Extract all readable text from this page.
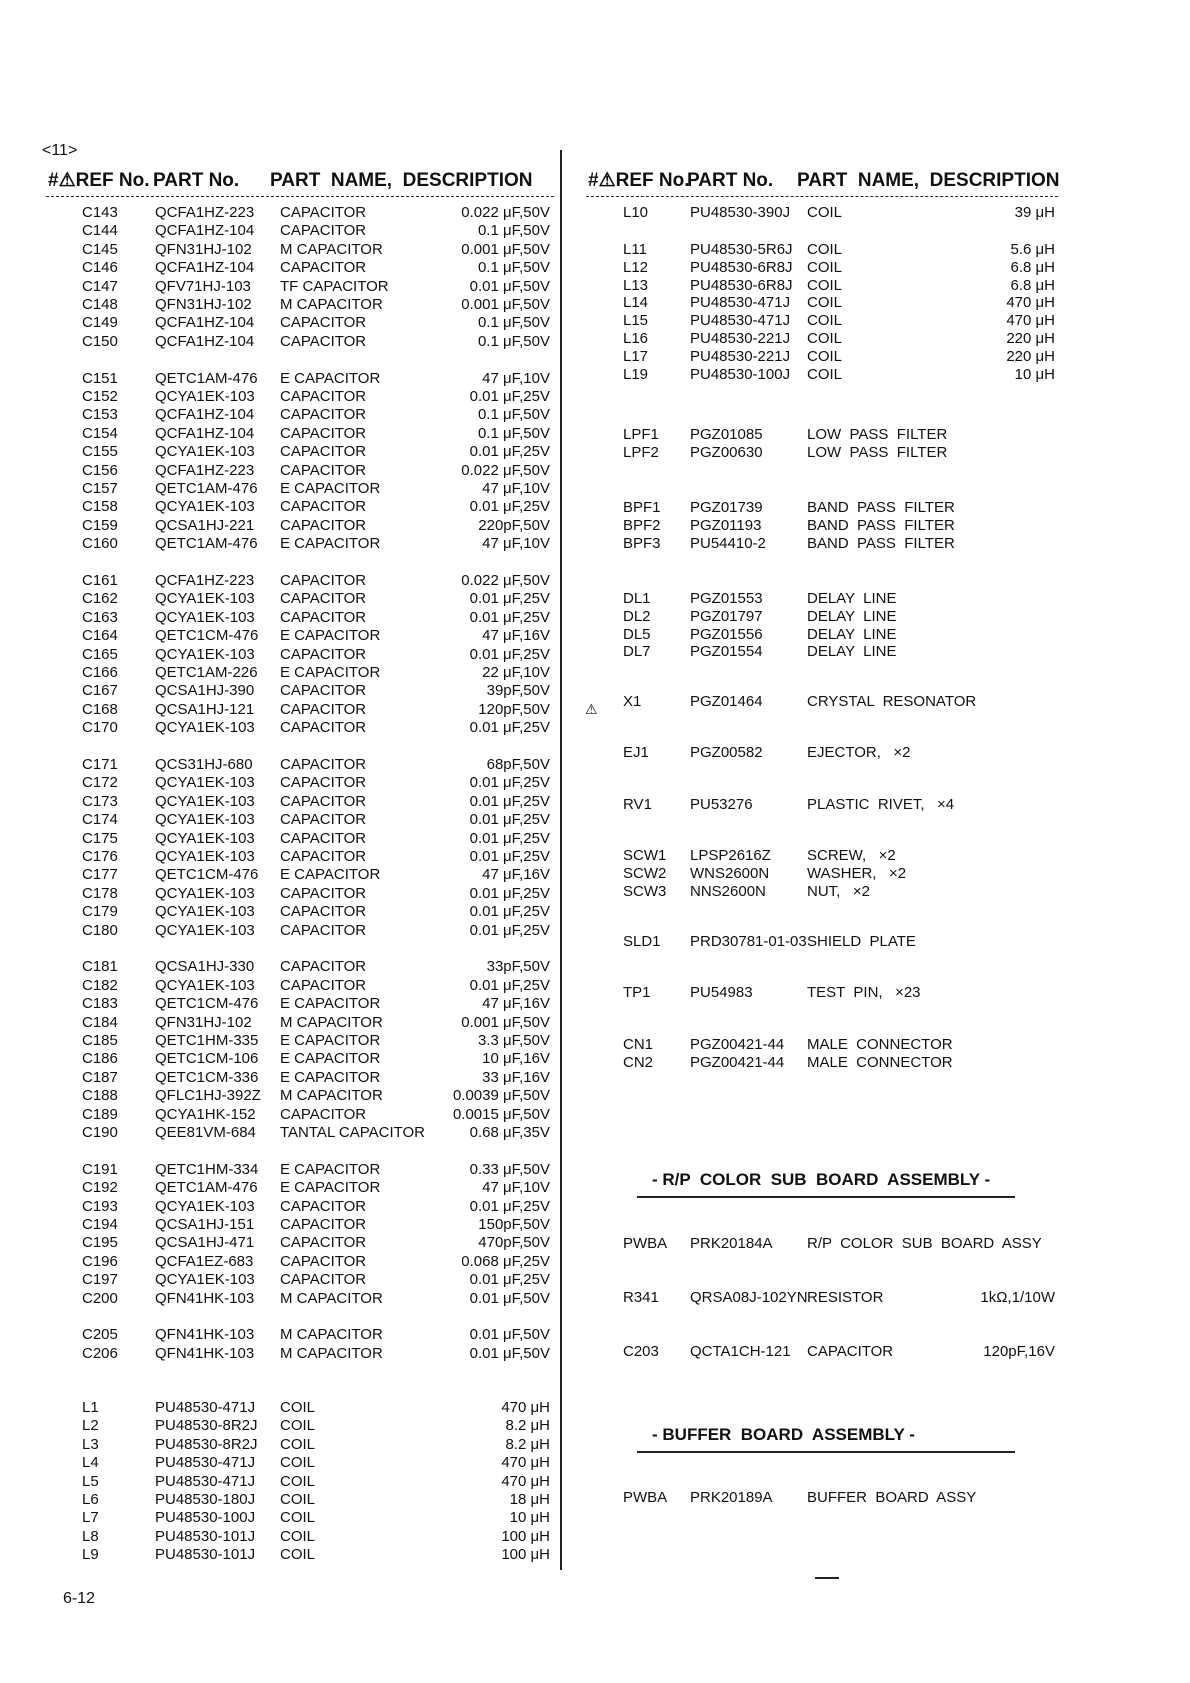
<11>
#⚠REF No. PART No. PART  NAME,  DESCRIPTION	#⚠REF No.
PART No. PART  NAME,  DESCRIPTION
C143 QCFA1HZ-223 CAPACITOR	0.022 μF,50V
C144 QCFA1HZ-104 CAPACITOR	0.1 μF,50V
C145 QFN31HJ-102 M CAPACITOR	0.001 μF,50V
C146 QCFA1HZ-104 CAPACITOR	0.1 μF,50V
C147 QFV71HJ-103 TF CAPACITOR	0.01 μF,50V
C148 QFN31HJ-102 M CAPACITOR	0.001 μF,50V
C149 QCFA1HZ-104 CAPACITOR	0.1 μF,50V
C150 QCFA1HZ-104 CAPACITOR	0.1 μF,50V
C151 QETC1AM-476 E CAPACITOR	47 μF,10V
C152 QCYA1EK-103 CAPACITOR	0.01 μF,25V
C153 QCFA1HZ-104 CAPACITOR	0.1 μF,50V
C154 QCFA1HZ-104 CAPACITOR	0.1 μF,50V
C155 QCYA1EK-103 CAPACITOR	0.01 μF,25V
C156 QCFA1HZ-223 CAPACITOR	0.022 μF,50V
C157 QETC1AM-476 E CAPACITOR	47 μF,10V
C158 QCYA1EK-103 CAPACITOR	0.01 μF,25V
C159 QCSA1HJ-221 CAPACITOR	220pF,50V
C160 QETC1AM-476 E CAPACITOR	47 μF,10V
C161 QCFA1HZ-223 CAPACITOR	0.022 μF,50V
C162 QCYA1EK-103 CAPACITOR	0.01 μF,25V
C163 QCYA1EK-103 CAPACITOR	0.01 μF,25V
C164 QETC1CM-476 E CAPACITOR	47 μF,16V
C165 QCYA1EK-103 CAPACITOR	0.01 μF,25V
C166 QETC1AM-226 E CAPACITOR	22 μF,10V
C167 QCSA1HJ-390 CAPACITOR	39pF,50V
C168 QCSA1HJ-121 CAPACITOR	120pF,50V
C170 QCYA1EK-103 CAPACITOR	0.01 μF,25V
C171 QCS31HJ-680 CAPACITOR	68pF,50V
C172 QCYA1EK-103 CAPACITOR	0.01 μF,25V
C173 QCYA1EK-103 CAPACITOR	0.01 μF,25V
C174 QCYA1EK-103 CAPACITOR	0.01 μF,25V
C175 QCYA1EK-103 CAPACITOR	0.01 μF,25V
C176 QCYA1EK-103 CAPACITOR	0.01 μF,25V
C177 QETC1CM-476 E CAPACITOR	47 μF,16V
C178 QCYA1EK-103 CAPACITOR	0.01 μF,25V
C179 QCYA1EK-103 CAPACITOR	0.01 μF,25V
C180 QCYA1EK-103 CAPACITOR	0.01 μF,25V
C181 QCSA1HJ-330 CAPACITOR	33pF,50V
C182 QCYA1EK-103 CAPACITOR	0.01 μF,25V
C183 QETC1CM-476 E CAPACITOR	47 μF,16V
C184 QFN31HJ-102 M CAPACITOR	0.001 μF,50V
C185 QETC1HM-335 E CAPACITOR	3.3 μF,50V
C186 QETC1CM-106 E CAPACITOR	10 μF,16V
C187 QETC1CM-336 E CAPACITOR	33 μF,16V
C188 QFLC1HJ-392Z M CAPACITOR	0.0039 μF,50V
C189 QCYA1HK-152 CAPACITOR	0.0015 μF,50V
C190 QEE81VM-684 TANTAL CAPACITOR	0.68 μF,35V
C191 QETC1HM-334 E CAPACITOR	0.33 μF,50V
C192 QETC1AM-476 E CAPACITOR	47 μF,10V
C193 QCYA1EK-103 CAPACITOR	0.01 μF,25V
C194 QCSA1HJ-151 CAPACITOR	150pF,50V
C195 QCSA1HJ-471 CAPACITOR	470pF,50V
C196 QCFA1EZ-683 CAPACITOR	0.068 μF,25V
C197 QCYA1EK-103 CAPACITOR	0.01 μF,25V
C200 QFN41HK-103 M CAPACITOR	0.01 μF,50V
C205 QFN41HK-103 M CAPACITOR	0.01 μF,50V
C206 QFN41HK-103 M CAPACITOR	0.01 μF,50V
L1	PU48530-471J COIL	470 μH
L2	PU48530-8R2J COIL	8.2 μH
L3	PU48530-8R2J COIL	8.2 μH
L4	PU48530-471J COIL	470 μH
L5	PU48530-471J COIL	470 μH
L6	PU48530-180J COIL	18 μH
L7	PU48530-100J COIL	10 μH
L8	PU48530-101J COIL	100 μH
L9	PU48530-101J COIL	100 μH
L10	PU48530-390J COIL	39 μH
L11	PU48530-5R6J COIL	5.6 μH
L12	PU48530-6R8J COIL	6.8 μH
L13	PU48530-6R8J COIL	6.8 μH
L14	PU48530-471J COIL	470 μH
L15	PU48530-471J COIL	470 μH
L16	PU48530-221J COIL	220 μH
L17	PU48530-221J COIL	220 μH
L19	PU48530-100J COIL	10 μH
LPF1 PGZ01085	LOW  PASS  FILTER
LPF2 PGZ00630	LOW  PASS  FILTER
BPF1 PGZ01739	BAND  PASS  FILTER
BPF2 PGZ01193	BAND  PASS  FILTER
BPF3 PU54410-2	BAND  PASS  FILTER
DL1	PGZ01553	DELAY  LINE
DL2	PGZ01797	DELAY  LINE
DL5	PGZ01556	DELAY  LINE
DL7	PGZ01554	DELAY  LINE
X1	PGZ01464	CRYSTAL  RESONATOR
EJ1	PGZ00582	EJECTOR,   ×2
RV1	PU53276	PLASTIC  RIVET,   ×4
SCW1 LPSP2616Z SCREW,   ×2
SCW2 WNS2600N	WASHER,   ×2
SCW3 NNS2600N	NUT,   ×2
SLD1 PRD30781-01-03 SHIELD  PLATE
TP1	PU54983	TEST  PIN,   ×23
CN1 PGZ00421-44 MALE  CONNECTOR
CN2 PGZ00421-44 MALE  CONNECTOR
PWBA PRK20184A R/P  COLOR  SUB  BOARD  ASSY
R341 QRSA08J-102YN RESISTOR	1kΩ,1/10W
C203 QCTA1CH-121 CAPACITOR	120pF,16V
PWBA PRK20189A BUFFER  BOARD  ASSY
⚠
- R/P  COLOR  SUB  BOARD  ASSEMBLY -
- BUFFER  BOARD  ASSEMBLY -
6-12
